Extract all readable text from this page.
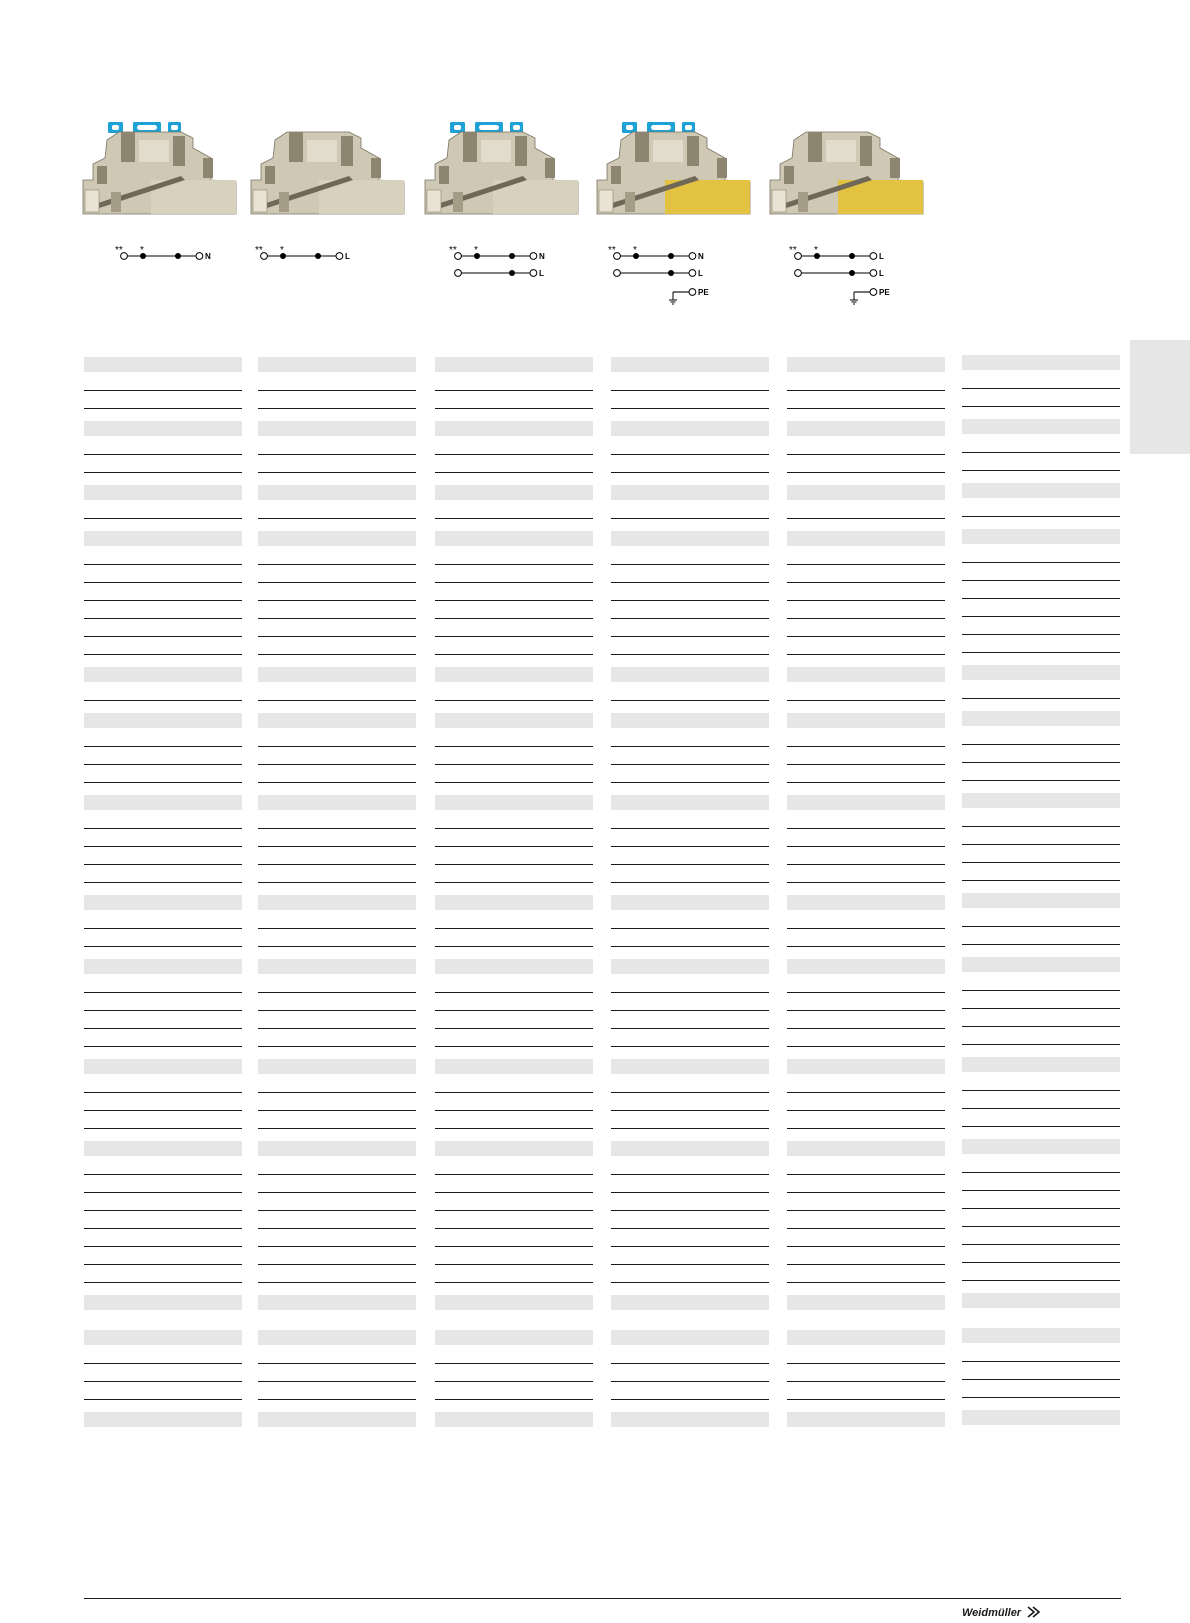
** *
N
** *
L
** *
N
L
** *
N
L
PE
** *
L
L
PE
Weidmüller
